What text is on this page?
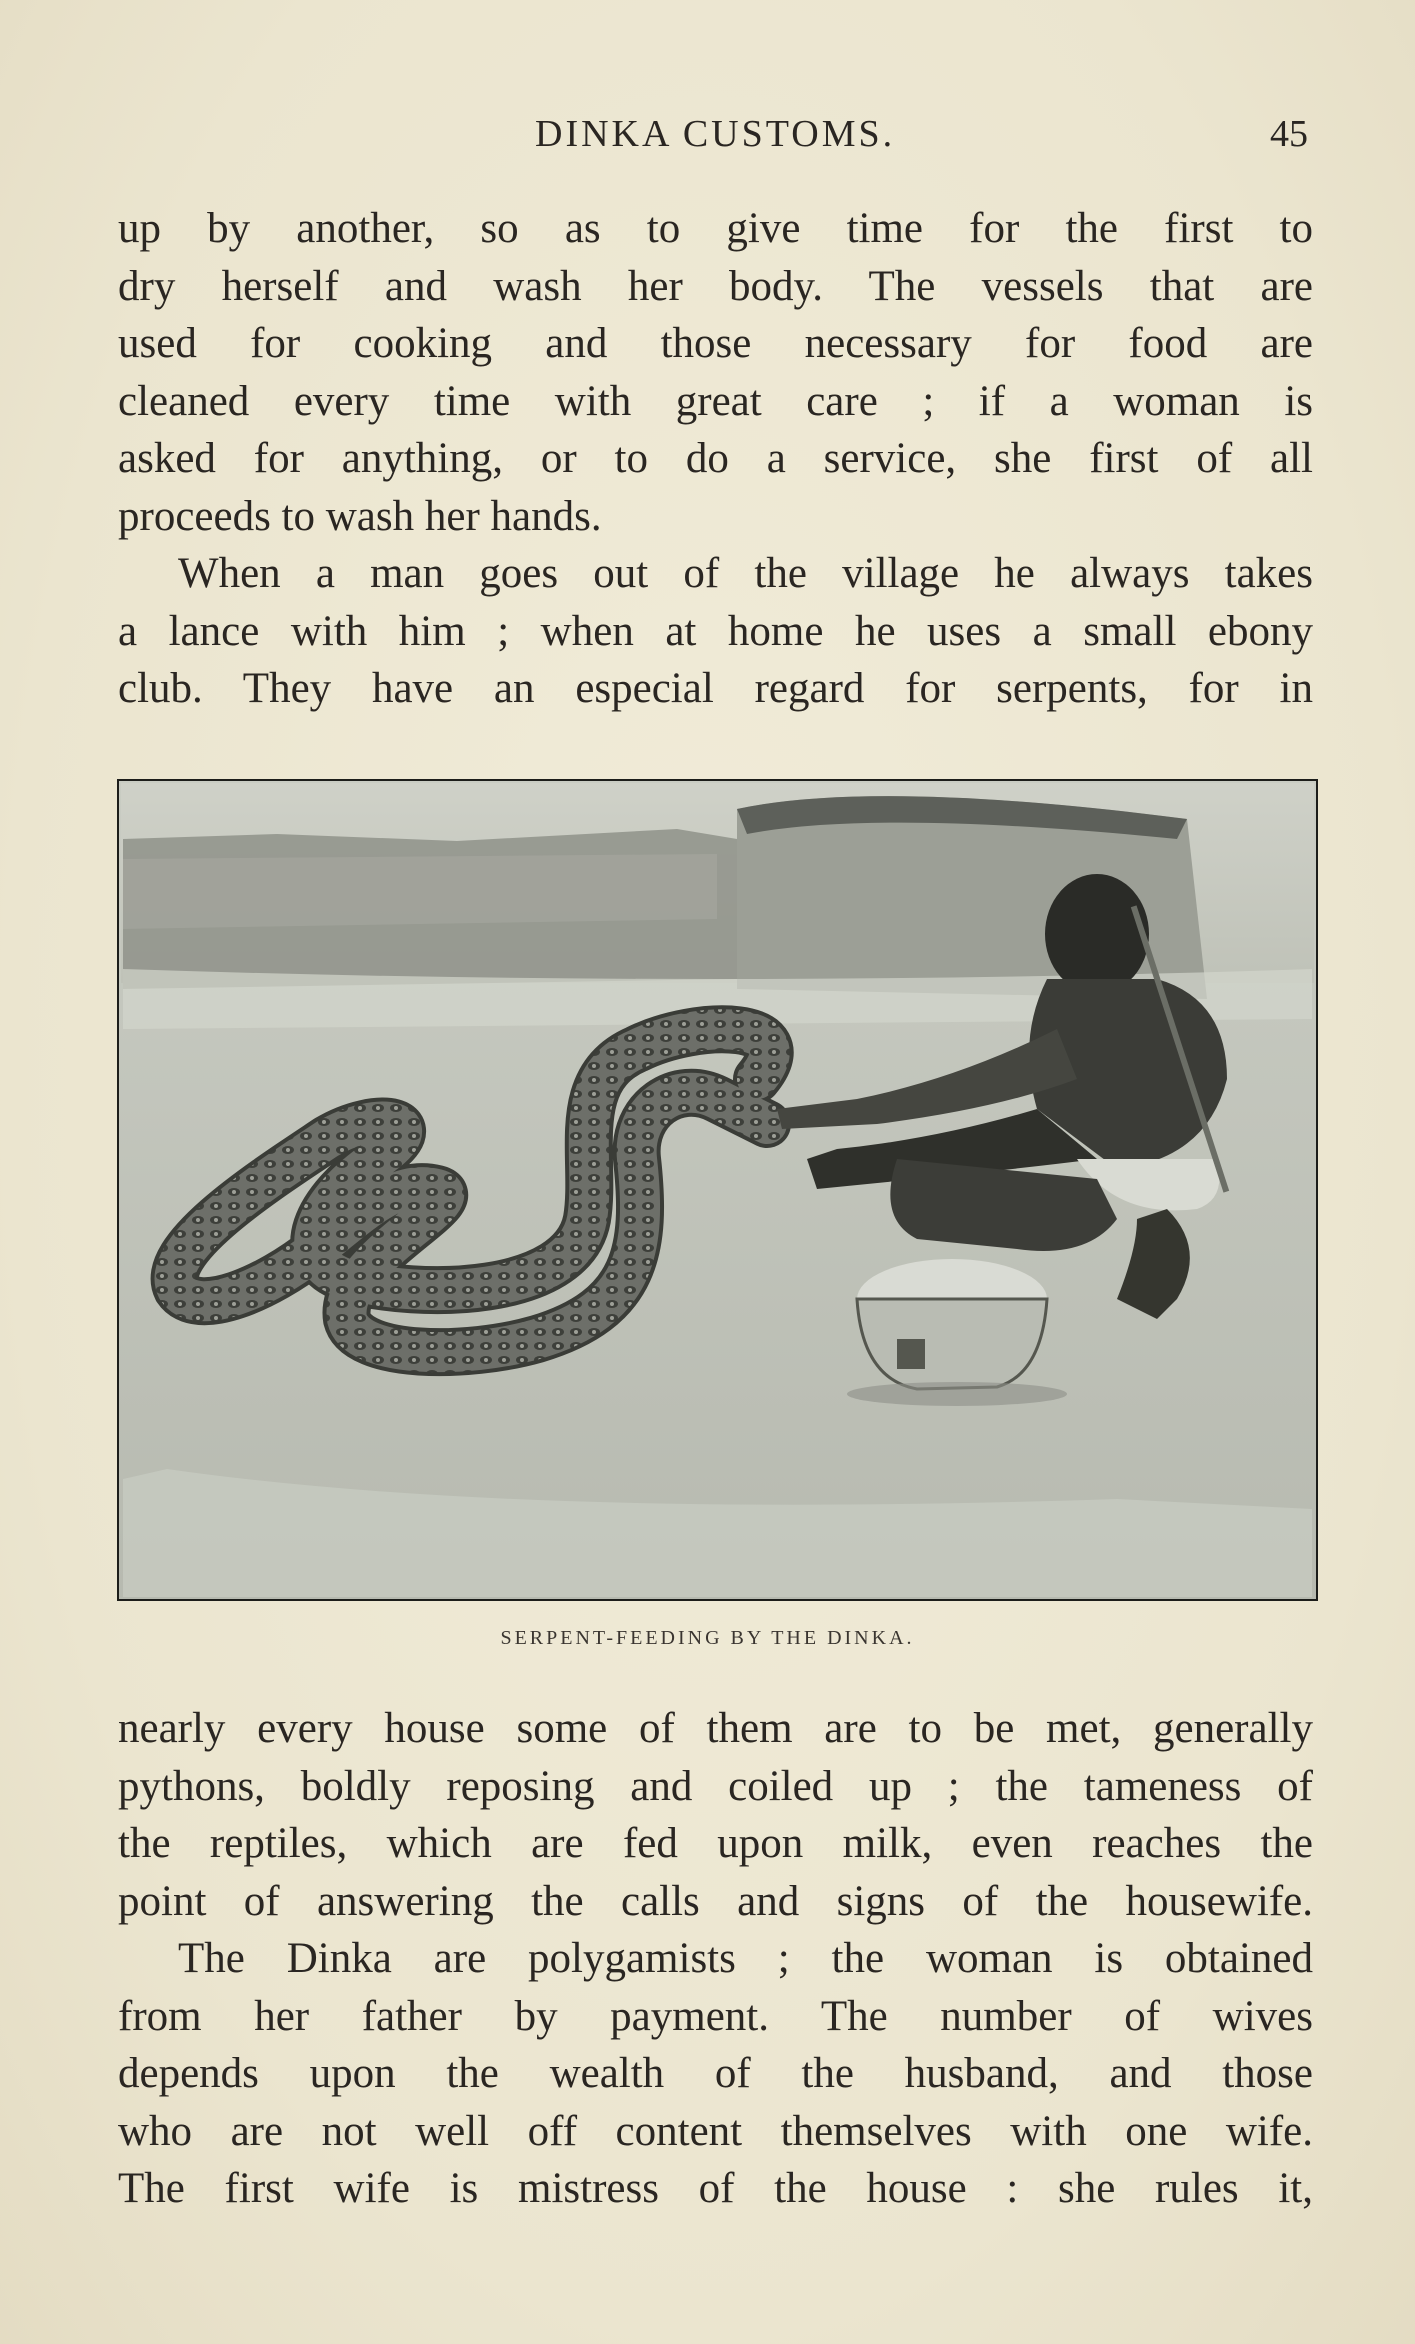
DINKA CUSTOMS.	45

up by another, so as to give time for the first to

dry herself and wash her body. The vessels that are

used for cooking and those necessary for food are

cleaned every time with great care ; if a woman is

asked for anything, or to do a service, she first of all

proceeds to wash her hands.

When a man goes out of the village he always takes

a lance with him ; when at home he uses a small ebony

club. They have an especial regard for serpents, for in

SERPENT-FEEDING BY THE DINKA.

nearly every house some of them are to be met, generally

pythons, boldly reposing and coiled up ; the tameness of

the reptiles, which are fed upon milk, even reaches the

point of answering the calls and signs of the housewife.

The Dinka are polygamists ; the woman is obtained

from her father by payment. The number of wives

depends upon the wealth of the husband, and those

who are not well off content themselves with one wife.

The first wife is mistress of the house : she rules it,
